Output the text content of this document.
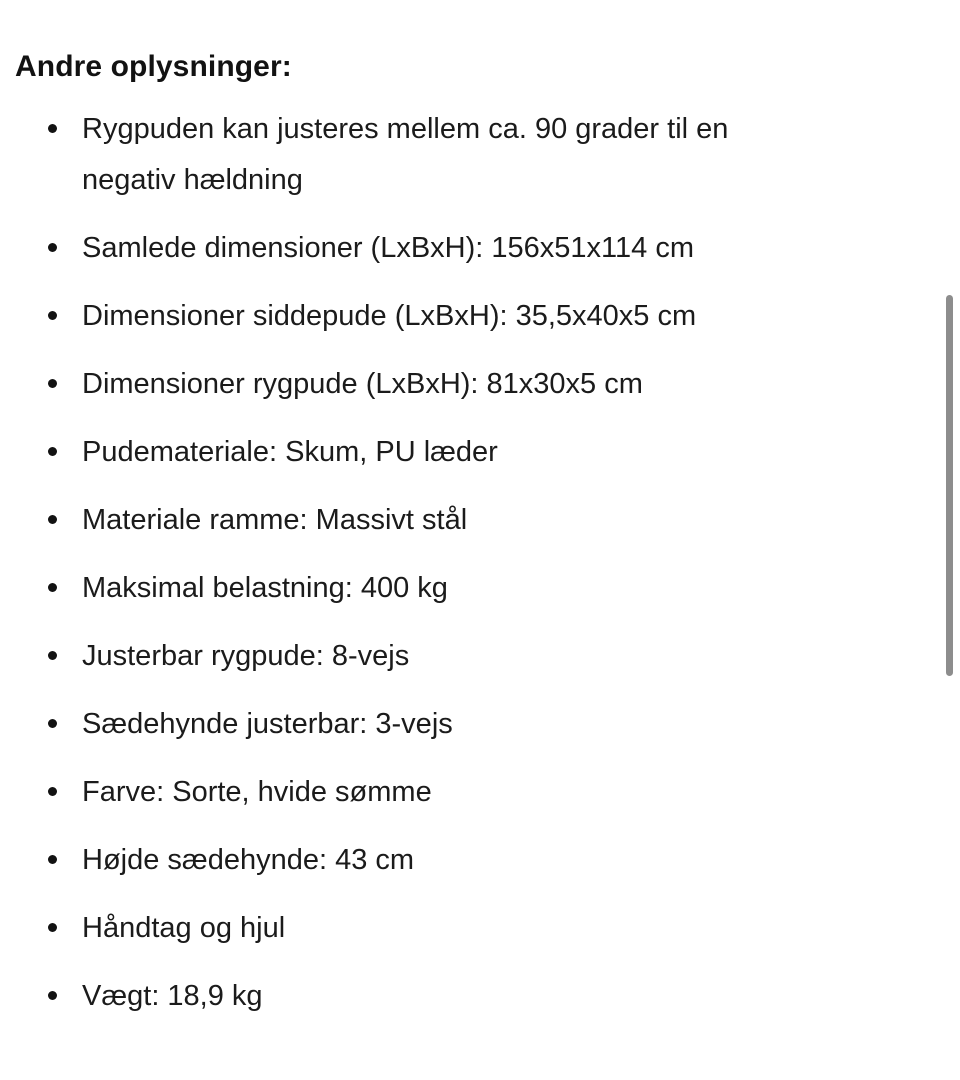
Andre oplysninger:
Rygpuden kan justeres mellem ca. 90 grader til en negativ hældning
Samlede dimensioner (LxBxH): 156x51x114 cm
Dimensioner siddepude (LxBxH): 35,5x40x5 cm
Dimensioner rygpude (LxBxH): 81x30x5 cm
Pudemateriale: Skum, PU læder
Materiale ramme: Massivt stål
Maksimal belastning: 400 kg
Justerbar rygpude: 8-vejs
Sædehynde justerbar: 3-vejs
Farve: Sorte, hvide sømme
Højde sædehynde: 43 cm
Håndtag og hjul
Vægt: 18,9 kg
